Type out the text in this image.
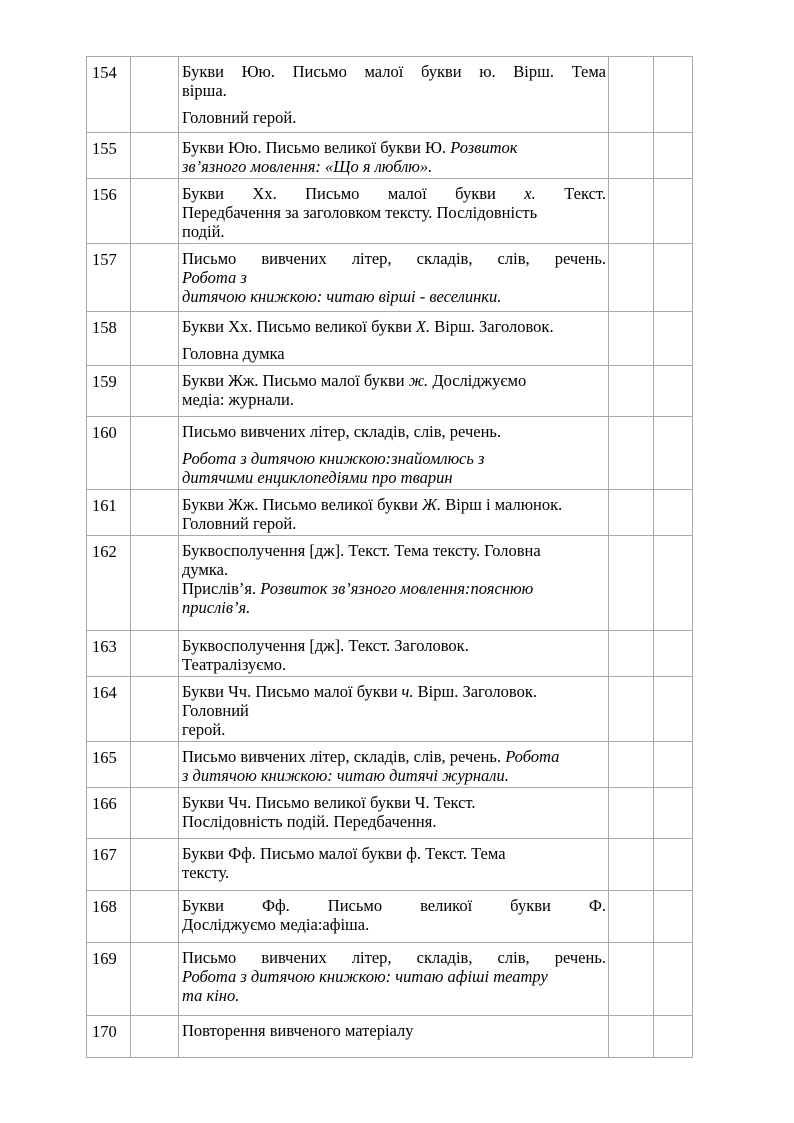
154		Букви Юю. Письмо малої букви ю. Вірш. Тема
вірша.
Головний герой.		

155		Букви Юю. Письмо великої букви Ю. Розвиток
зв’язного мовлення: «Що я люблю».		

156		Букви Хх. Письмо малої букви х. Текст.
Передбачення за заголовком тексту. Послідовність
подій.		

157		Письмо вивчених літер, складів, слів, речень.
Робота з
дитячою книжкою: читаю вірші - веселинки.		

158		Букви Хх. Письмо великої букви Х. Вірш. Заголовок.
Головна думка		

159		Букви Жж. Письмо малої букви ж. Досліджуємо
медіа: журнали.		

160		Письмо вивчених літер, складів, слів, речень.
Робота з дитячою книжкою:знайомлюсь з
дитячими енциклопедіями про тварин		

161		Букви Жж. Письмо великої букви Ж. Вірш і малюнок.
Головний герой.		

162		Буквосполучення [дж]. Текст. Тема тексту. Головна
думка.
Прислів’я. Розвиток зв’язного мовлення:пояснюю
прислів’я.		

163		Буквосполучення [дж]. Текст. Заголовок.
Театралізуємо.		

164		Букви Чч. Письмо малої букви ч. Вірш. Заголовок.
Головний
герой.		

165		Письмо вивчених літер, складів, слів, речень. Робота
з дитячою книжкою: читаю дитячі журнали.		

166		Букви Чч. Письмо великої букви Ч. Текст.
Послідовність подій. Передбачення.		

167		Букви Фф. Письмо малої букви ф. Текст. Тема
тексту.		

168		Букви Фф. Письмо великої букви Ф.
Досліджуємо медіа:афіша.		

169		Письмо вивчених літер, складів, слів, речень.
Робота з дитячою книжкою: читаю афіші театру
та кіно.		

170		Повторення вивченого матеріалу		
